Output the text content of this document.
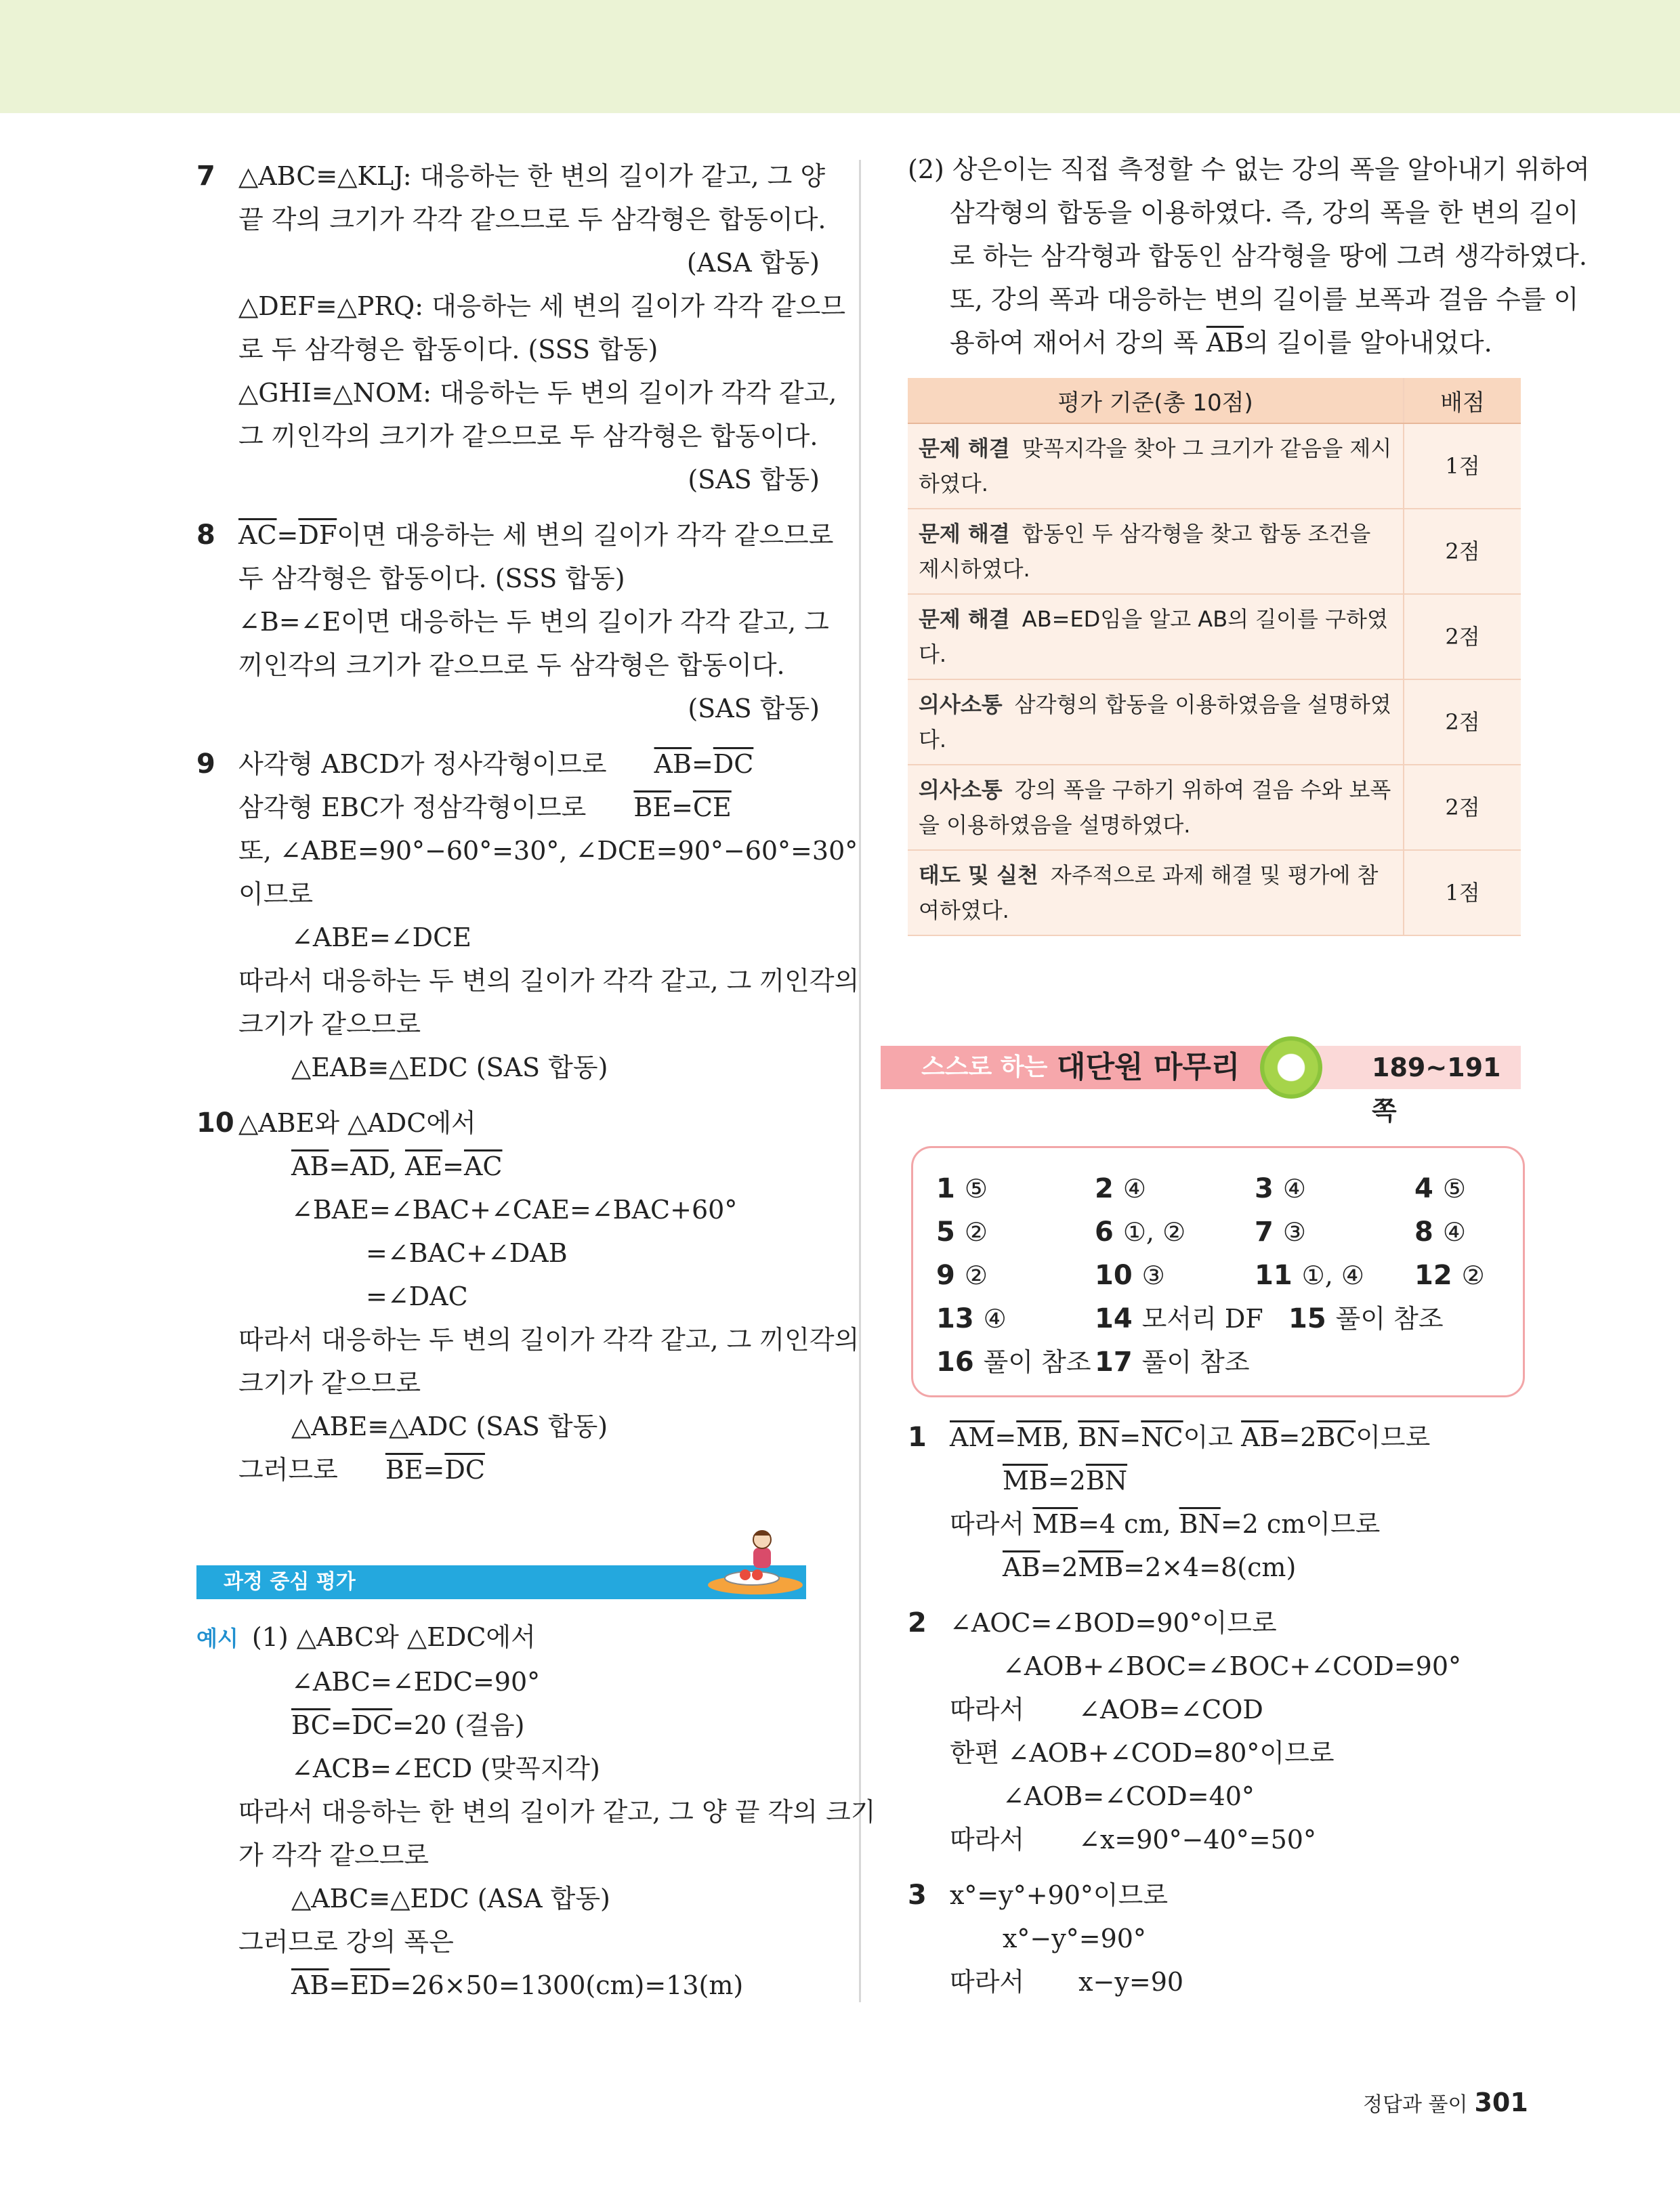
7 △ABC≡△KLJ: 대응하는 한 변의 길이가 같고, 그 양
끝 각의 크기가 각각 같으므로 두 삼각형은 합동이다.
(ASA 합동)
△DEF≡△PRQ: 대응하는 세 변의 길이가 각각 같으므
로 두 삼각형은 합동이다. (SSS 합동)
△GHI≡△NOM: 대응하는 두 변의 길이가 각각 같고,
그 끼인각의 크기가 같으므로 두 삼각형은 합동이다.
(SAS 합동)
8 $\overline{AC}=\overline{DF}$이면 대응하는 세 변의 길이가 각각 같으므로
두 삼각형은 합동이다. (SSS 합동)
∠B=∠E이면 대응하는 두 변의 길이가 각각 같고, 그
끼인각의 크기가 같으므로 두 삼각형은 합동이다.
(SAS 합동)
9 사각형 ABCD가 정사각형이므로 $\overline{AB}=\overline{DC}$
삼각형 EBC가 정삼각형이므로 $\overline{BE}=\overline{CE}$
또, ∠ABE=90°−60°=30°, ∠DCE=90°−60°=30°
이므로
∠ABE=∠DCE
따라서 대응하는 두 변의 길이가 각각 같고, 그 끼인각의
크기가 같으므로
△EAB≡△EDC (SAS 합동)
10 △ABE와 △ADC에서
$\overline{AB}=\overline{AD}$, $\overline{AE}=\overline{AC}$
∠BAE=∠BAC+∠CAE=∠BAC+60°
=∠BAC+∠DAB
=∠DAC
따라서 대응하는 두 변의 길이가 각각 같고, 그 끼인각의
크기가 같으므로
△ABE≡△ADC (SAS 합동)
그러므로 $\overline{BE}=\overline{DC}$
과정 중심 평가
예시 (1) △ABC와 △EDC에서
∠ABC=∠EDC=90°
$\overline{BC}=\overline{DC}=20$ (걸음)
∠ACB=∠ECD (맞꼭지각)
따라서 대응하는 한 변의 길이가 같고, 그 양 끝 각의 크기
가 각각 같으므로
△ABC≡△EDC (ASA 합동)
그러므로 강의 폭은
$\overline{AB}=\overline{ED}=26\times 50=1300(cm)=13(m)$
(2) 상은이는 직접 측정할 수 없는 강의 폭을 알아내기 위하여
삼각형의 합동을 이용하였다. 즉, 강의 폭을 한 변의 길이
로 하는 삼각형과 합동인 삼각형을 땅에 그려 생각하였다.
또, 강의 폭과 대응하는 변의 길이를 보폭과 걸음 수를 이
용하여 재어서 강의 폭 $\overline{AB}$의 길이를 알아내었다.
평가 기준(총 10점)	배점
문제 해결 맞꼭지각을 찾아 그 크기가 같음을 제시하였다.	1점
문제 해결 합동인 두 삼각형을 찾고 합동 조건을 제시하였다.	2점
문제 해결 AB=ED임을 알고 AB의 길이를 구하였다.	2점
의사소통 삼각형의 합동을 이용하였음을 설명하였다.	2점
의사소통 강의 폭을 구하기 위하여 걸음 수와 보폭을 이용하였음을 설명하였다.	2점
태도 및 실천 자주적으로 과제 해결 및 평가에 참여하였다.	1점
스스로 하는 대단원 마무리	189~191쪽
1 ⑤	2 ④	3 ④	4 ⑤
5 ②	6 ①, ②	7 ③	8 ④
9 ②	10 ③	11 ①, ④ 12 ②
13 ④	14 모서리 DF 15 풀이 참조
16 풀이 참조 17 풀이 참조
1 $\overline{AM}=\overline{MB}$, $\overline{BN}=\overline{NC}$이고 $\overline{AB}=2\overline{BC}$이므로
$\overline{MB}=2\overline{BN}$
따라서 $\overline{MB}=4$ cm, $\overline{BN}=2$ cm이므로
$\overline{AB}=2\overline{MB}=2\times 4=8(cm)$
2 ∠AOC=∠BOD=90°이므로
∠AOB+∠BOC=∠BOC+∠COD=90°
따라서 ∠AOB=∠COD
한편 ∠AOB+∠COD=80°이므로
∠AOB=∠COD=40°
따라서 ∠x=90°−40°=50°
3 x°=y°+90°이므로
x°−y°=90°
따라서 x−y=90
정답과 풀이 301
